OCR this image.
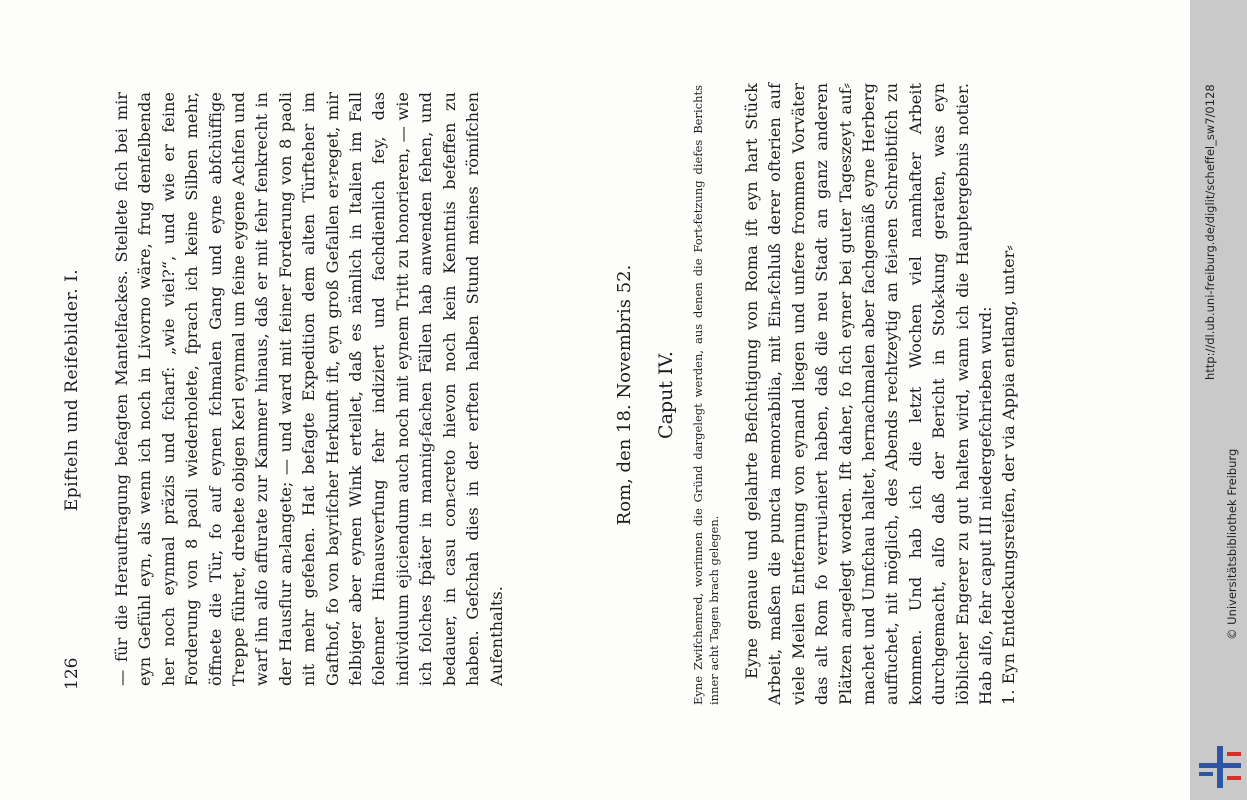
126
Epifteln und Reifebilder. I. — für die Herauftragung befagten Mantelfackes. Stellete fich bei mir eyn Gefühl eyn, als wenn ich noch in Livorno wäre, frug denfelbenda her noch eynmal präzis und fcharf: „wie viel?“, und wie er feine Forderung von 8 paoli wiederholete, fprach ich keine Silben mehr, öffnete die Tür, fo auf eynen fchmalen Gang und eyne abfchüffige Treppe führet, drehete obigen Kerl eynmal um feine eygene Achfen und warf ihn alfo affurate zur Kammer hinaus, daß er mit fehr fenkrecht in der Hausflur an⸗langete; — und ward mit feiner Forderung von 8 paoli nit mehr gefehen. Hat befagte Expedition dem alten Türfteher im Gafthof, fo von bayrifcher Herkunft ift, eyn groß Gefallen er⸗reget, mir felbiger aber eynen Wink erteilet, daß es nämlich in Italien im Fall folenner Hinausverfung fehr indiziert und fachdienlich fey, das individuum ejiciendum auch noch mit eynem Tritt zu honorieren, — wie ich folches fpäter in mannig⸗fachen Fällen hab anwenden fehen, und bedauer, in casu con⸗creto hievon noch kein Kenntnis befeffen zu haben. Gefchah dies in der erften halben Stund meines römifchen Aufenthalts.

Rom, den 18. Novembris 52. Caput IV. Eyne Zwifchenred, worinnen die Gründ dargelegt werden, aus denen die Fort⸗fetzung diefes Berichts inner acht Tagen brach gelegen. Eyne genaue und gelahrte Befichtigung von Roma ift eyn hart Stück Arbeit, maßen die puncta memorabilia, mit Ein⸗fchluß derer ofterien auf viele Meilen Entfernung von eynand liegen und unfere frommen Vorväter das alt Rom fo verrui⸗niert haben, daß die neu Stadt an ganz anderen Plätzen an⸗gelegt worden. Ift daher, fo fich eyner bei guter Tageszeyt auf⸗machet und Umfchau haltet, hernachmalen aber fachgemäß eyne Herberg auffuchet, nit möglich, des Abends rechtzeytig an fei⸗nen Schreibtifch zu kommen. Und hab ich die letzt Wochen viel namhafter Arbeit durchgemacht, alfo daß der Bericht in Stok⸗kung geraten, was eyn löblicher Engerer zu gut halten wird, wann ich die Hauptergebnis notier. Hab alfo, fehr caput III niedergefchrieben wurd: 1. Eyn Entdeckungsreifen, der via Appia entlang, unter⸗

http://dl.ub.uni-freiburg.de/diglit/scheffel_sw7/0128
© Universitätsbibliothek Freiburg
